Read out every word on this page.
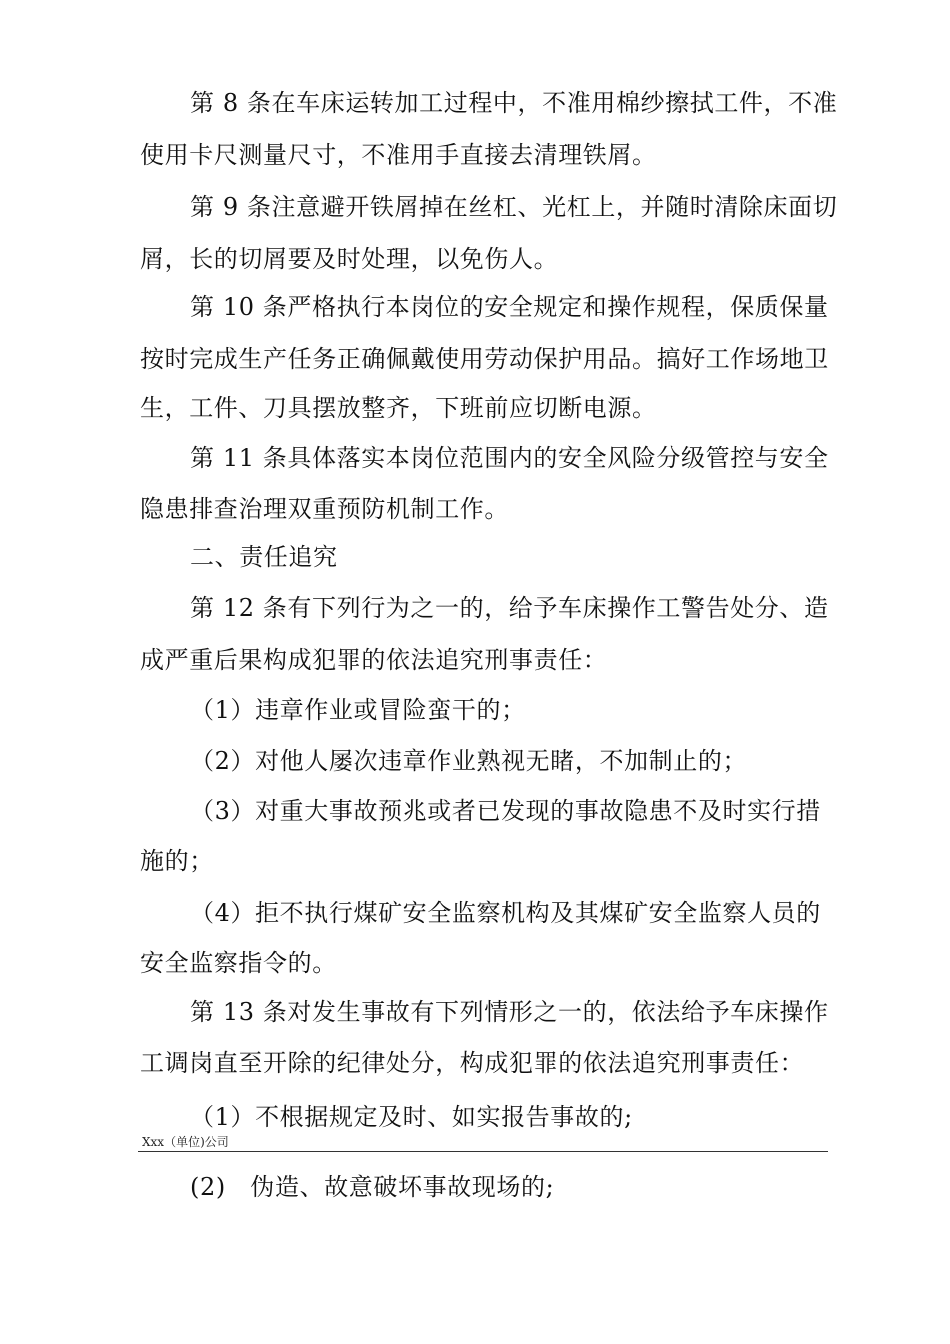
第 8 条在车床运转加工过程中，不准用棉纱擦拭工件，不准
使用卡尺测量尺寸，不准用手直接去清理铁屑。
第 9 条注意避开铁屑掉在丝杠、光杠上，并随时清除床面切
屑，长的切屑要及时处理，以免伤人。
第 10 条严格执行本岗位的安全规定和操作规程，保质保量
按时完成生产任务正确佩戴使用劳动保护用品。搞好工作场地卫
生，工件、刀具摆放整齐，下班前应切断电源。
第 11 条具体落实本岗位范围内的安全风险分级管控与安全
隐患排查治理双重预防机制工作。
二、责任追究
第 12 条有下列行为之一的，给予车床操作工警告处分、造
成严重后果构成犯罪的依法追究刑事责任：
（1）违章作业或冒险蛮干的；
（2）对他人屡次违章作业熟视无睹，不加制止的；
（3）对重大事故预兆或者已发现的事故隐患不及时实行措
施的；
（4）拒不执行煤矿安全监察机构及其煤矿安全监察人员的
安全监察指令的。
第 13 条对发生事故有下列情形之一的，依法给予车床操作
工调岗直至开除的纪律处分，构成犯罪的依法追究刑事责任：
（1）不根据规定及时、如实报告事故的;
Xxx（单位)公司
(2)　伪造、故意破坏事故现场的;
